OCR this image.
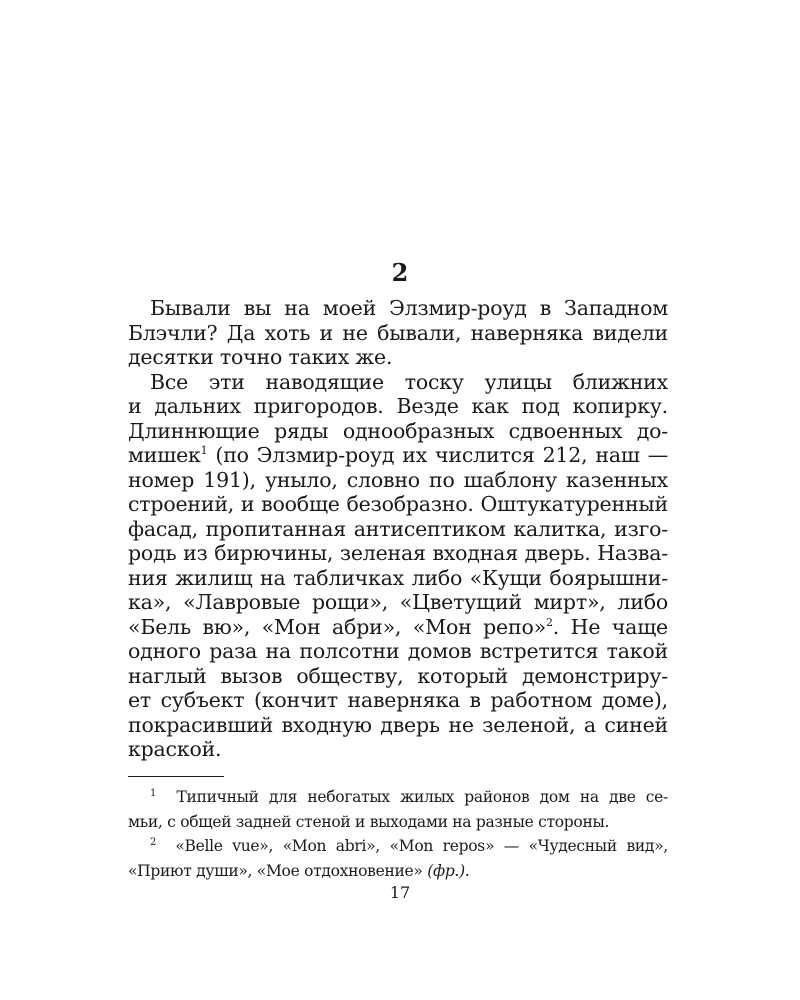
2
Бывали вы на моей Элзмир-роуд в Западном
Блэчли? Да хоть и не бывали, наверняка видели
десятки точно таких же.
Все эти наводящие тоску улицы ближних
и дальних пригородов. Везде как под копирку.
Длиннющие ряды однообразных сдвоенных до-
мишек$^1$ (по Элзмир-роуд их числится 212, наш —
номер 191), уныло, словно по шаблону казенных
строений, и вообще безобразно. Оштукатуренный
фасад, пропитанная антисептиком калитка, изго-
родь из бирючины, зеленая входная дверь. Назва-
ния жилищ на табличках либо «Кущи боярышни-
ка», «Лавровые рощи», «Цветущий мирт», либо
«Бель вю», «Мон абри», «Мон репо»$^2$. Не чаще
одного раза на полсотни домов встретится такой
наглый вызов обществу, который демонстриру-
ет субъект (кончит наверняка в работном доме),
покрасивший входную дверь не зеленой, а синей
краской.
$^1$ Типичный для небогатых жилых районов дом на две се-
мьи, с общей задней стеной и выходами на разные стороны.
$^2$ «Belle vue», «Mon abri», «Mon repos» — «Чудесный вид»,
«Приют души», «Мое отдохновение» (фр.).
17
